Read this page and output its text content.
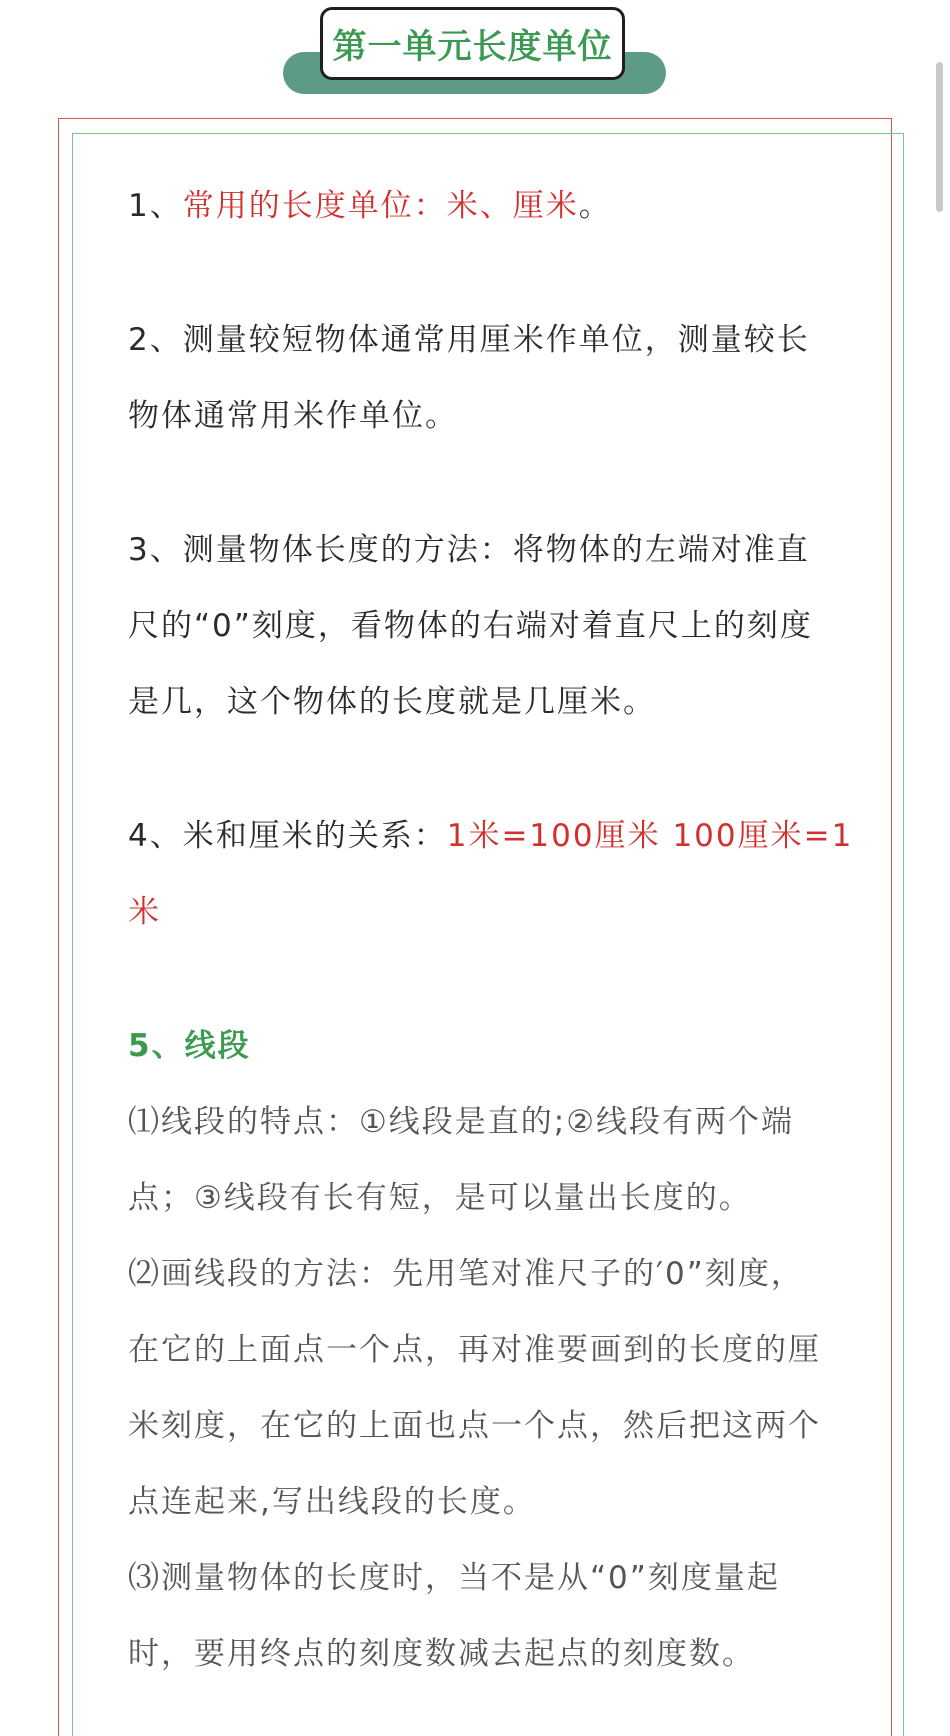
第一单元长度单位
1、常用的长度单位：米、厘米。
2、测量较短物体通常用厘米作单位，测量较长
物体通常用米作单位。
3、测量物体长度的方法：将物体的左端对准直
尺的“0”刻度，看物体的右端对着直尺上的刻度
是几，这个物体的长度就是几厘米。
4、米和厘米的关系：1米=100厘米 100厘米=1
米
5、线段
⑴线段的特点：①线段是直的;②线段有两个端
点；③线段有长有短，是可以量出长度的。
⑵画线段的方法：先用笔对准尺子的′0”刻度，
在它的上面点一个点，再对准要画到的长度的厘
米刻度，在它的上面也点一个点，然后把这两个
点连起来,写出线段的长度。
⑶测量物体的长度时，当不是从“0”刻度量起
时，要用终点的刻度数减去起点的刻度数。
